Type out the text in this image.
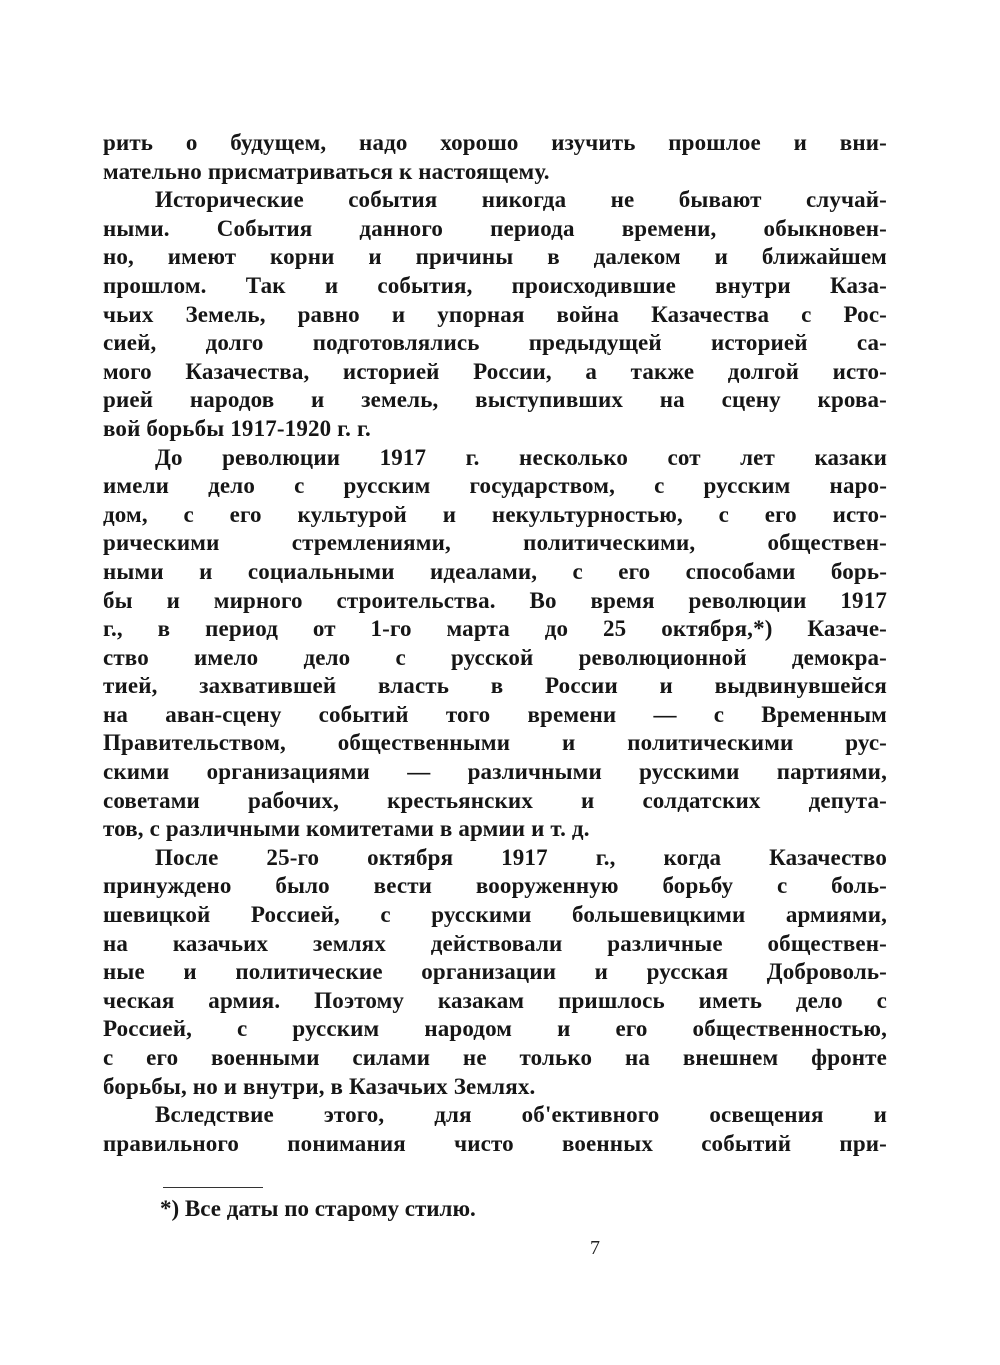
рить о будущем, надо хорошо изучить прошлое и вни-
мательно присматриваться к настоящему.
Исторические события никогда не бывают случай-
ными. События данного периода времени, обыкновен-
но, имеют корни и причины в далеком и ближайшем
прошлом. Так и события, происходившие внутри Каза-
чьих Земель, равно и упорная война Казачества с Рос-
сией, долго подготовлялись предыдущей историей са-
мого Казачества, историей России, а также долгой исто-
рией народов и земель, выступивших на сцену крова-
вой борьбы 1917-1920 г. г.
До революции 1917 г. несколько сот лет казаки
имели дело с русским государством, с русским наро-
дом, с его культурой и некультурностью, с его исто-
рическими стремлениями, политическими, обществен-
ными и социальными идеалами, с его способами борь-
бы и мирного строительства. Во время революции 1917
г., в период от 1-го марта до 25 октября,*) Казаче-
ство имело дело с русской революционной демокра-
тией, захватившей власть в России и выдвинувшейся
на аван-сцену событий того времени — с Временным
Правительством, общественными и политическими рус-
скими организациями — различными русскими партиями,
советами рабочих, крестьянских и солдатских депута-
тов, с различными комитетами в армии и т. д.
После 25-го октября 1917 г., когда Казачество
принуждено было вести вооруженную борьбу с боль-
шевицкой Россией, с русскими большевицкими армиями,
на казачьих землях действовали различные обществен-
ные и политические организации и русская Доброволь-
ческая армия. Поэтому казакам пришлось иметь дело с
Россией, с русским народом и его общественностью,
с его военными силами не только на внешнем фронте
борьбы, но и внутри, в Казачьих Землях.
Вследствие этого, для об'ективного освещения и
правильного понимания чисто военных событий при-
*) Все даты по старому стилю.
7
